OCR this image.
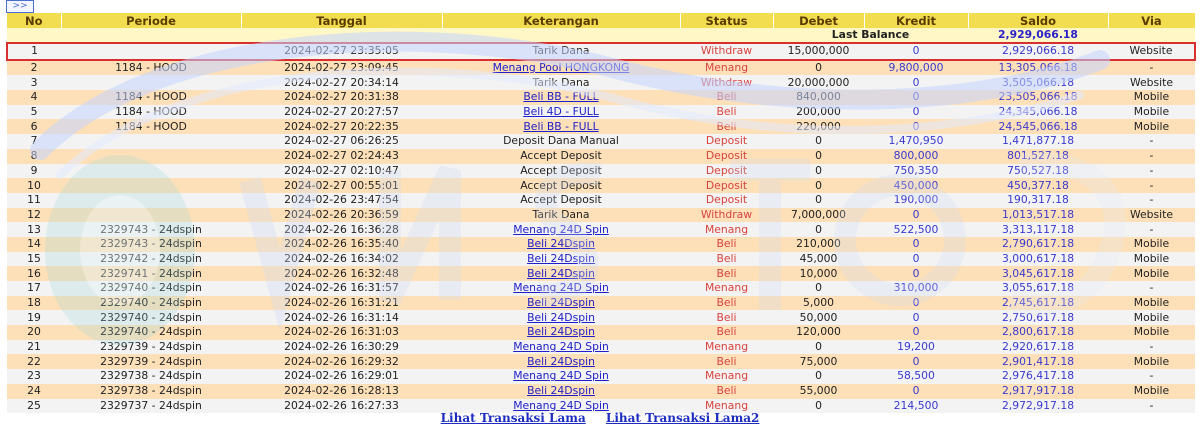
>>
No	Periode	Tanggal	Keterangan	Status	Debet	Kredit	Saldo	Via
					Last Balance		2,929,066.18	
1		2024-02-27 23:35:05	Tarik Dana	Withdraw	15,000,000	0	2,929,066.18	Website
2	1184 - HOOD	2024-02-27 23:09:45	Menang Pool HONGKONG	Menang	0	9,800,000	13,305,066.18	-
3		2024-02-27 20:34:14	Tarik Dana	Withdraw	20,000,000	0	3,505,066.18	Website
4	1184 - HOOD	2024-02-27 20:31:38	Beli BB - FULL	Beli	840,000	0	23,505,066.18	Mobile
5	1184 - HOOD	2024-02-27 20:27:57	Beli 4D - FULL	Beli	200,000	0	24,345,066.18	Mobile
6	1184 - HOOD	2024-02-27 20:22:35	Beli BB - FULL	Beli	220,000	0	24,545,066.18	Mobile
7		2024-02-27 06:26:25	Deposit Dana Manual	Deposit	0	1,470,950	1,471,877.18	-
8		2024-02-27 02:24:43	Accept Deposit	Deposit	0	800,000	801,527.18	-
9		2024-02-27 02:10:47	Accept Deposit	Deposit	0	750,350	750,527.18	-
10		2024-02-27 00:55:01	Accept Deposit	Deposit	0	450,000	450,377.18	-
11		2024-02-26 23:47:54	Accept Deposit	Deposit	0	190,000	190,317.18	-
12		2024-02-26 20:36:59	Tarik Dana	Withdraw	7,000,000	0	1,013,517.18	Website
13	2329743 - 24dspin	2024-02-26 16:36:28	Menang 24D Spin	Menang	0	522,500	3,313,117.18	-
14	2329743 - 24dspin	2024-02-26 16:35:40	Beli 24Dspin	Beli	210,000	0	2,790,617.18	Mobile
15	2329742 - 24dspin	2024-02-26 16:34:02	Beli 24Dspin	Beli	45,000	0	3,000,617.18	Mobile
16	2329741 - 24dspin	2024-02-26 16:32:48	Beli 24Dspin	Beli	10,000	0	3,045,617.18	Mobile
17	2329740 - 24dspin	2024-02-26 16:31:57	Menang 24D Spin	Menang	0	310,000	3,055,617.18	-
18	2329740 - 24dspin	2024-02-26 16:31:21	Beli 24Dspin	Beli	5,000	0	2,745,617.18	Mobile
19	2329740 - 24dspin	2024-02-26 16:31:14	Beli 24Dspin	Beli	50,000	0	2,750,617.18	Mobile
20	2329740 - 24dspin	2024-02-26 16:31:03	Beli 24Dspin	Beli	120,000	0	2,800,617.18	Mobile
21	2329739 - 24dspin	2024-02-26 16:30:29	Menang 24D Spin	Menang	0	19,200	2,920,617.18	-
22	2329739 - 24dspin	2024-02-26 16:29:32	Beli 24Dspin	Beli	75,000	0	2,901,417.18	Mobile
23	2329738 - 24dspin	2024-02-26 16:29:01	Menang 24D Spin	Menang	0	58,500	2,976,417.18	-
24	2329738 - 24dspin	2024-02-26 16:28:13	Beli 24Dspin	Beli	55,000	0	2,917,917.18	Mobile
25	2329737 - 24dspin	2024-02-26 16:27:33	Menang 24D Spin	Menang	0	214,500	2,972,917.18	-
Lihat Transaksi Lama Lihat Transaksi Lama2
